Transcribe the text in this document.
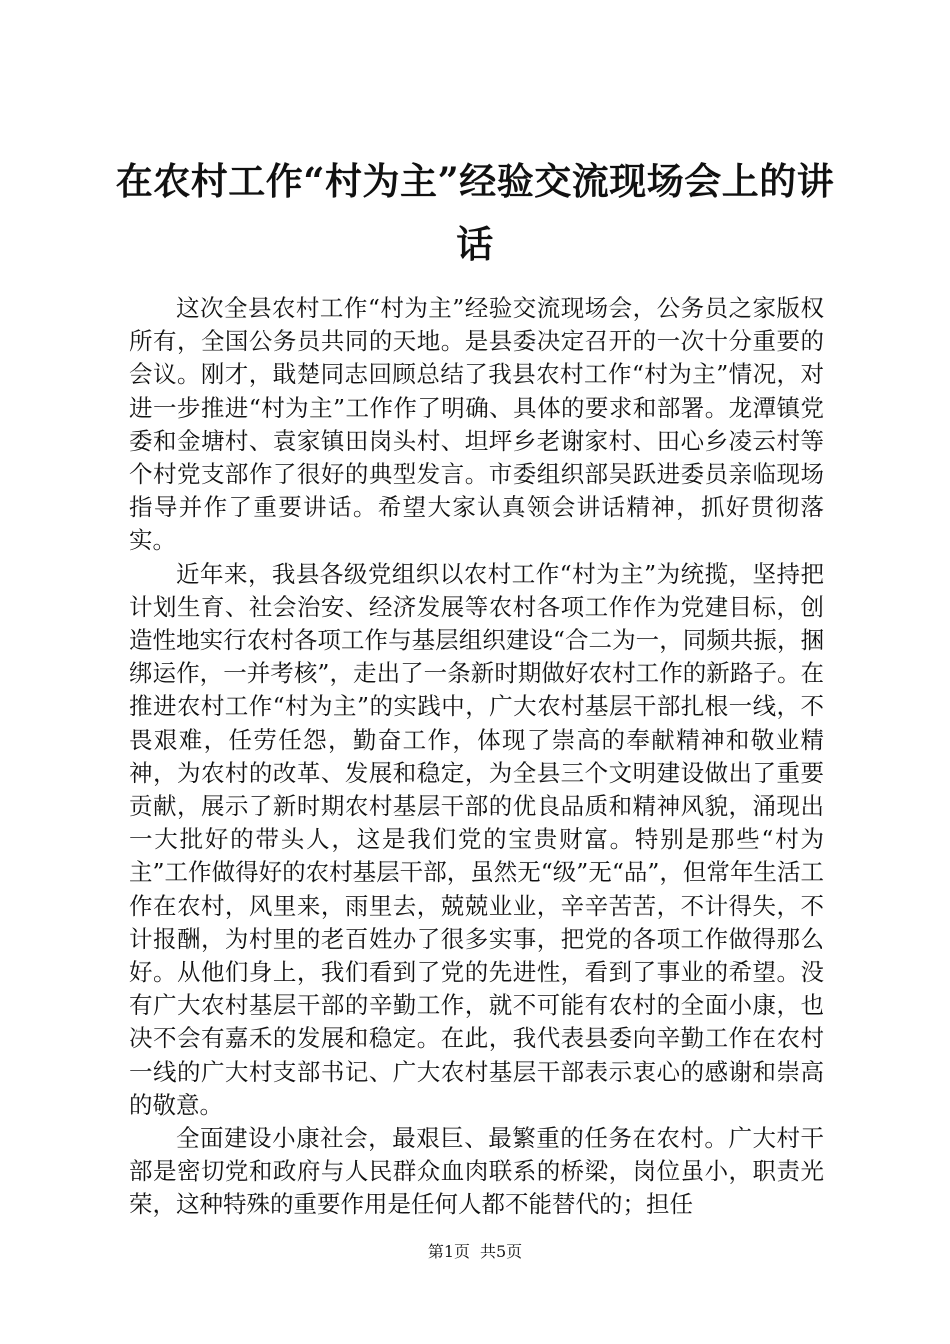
在农村工作“村为主”经验交流现场会上的讲话

这次全县农村工作“村为主”经验交流现场会，公务员之家版权所有，全国公务员共同的天地。是县委决定召开的一次十分重要的会议。刚才，戢楚同志回顾总结了我县农村工作“村为主”情况，对进一步推进“村为主”工作作了明确、具体的要求和部署。龙潭镇党委和金塘村、袁家镇田岗头村、坦坪乡老谢家村、田心乡凌云村等个村党支部作了很好的典型发言。市委组织部吴跃进委员亲临现场指导并作了重要讲话。希望大家认真领会讲话精神，抓好贯彻落实。

近年来，我县各级党组织以农村工作“村为主”为统揽，坚持把计划生育、社会治安、经济发展等农村各项工作作为党建目标，创造性地实行农村各项工作与基层组织建设“合二为一，同频共振，捆绑运作，一并考核”，走出了一条新时期做好农村工作的新路子。在推进农村工作“村为主”的实践中，广大农村基层干部扎根一线，不畏艰难，任劳任怨，勤奋工作，体现了崇高的奉献精神和敬业精神，为农村的改革、发展和稳定，为全县三个文明建设做出了重要贡献，展示了新时期农村基层干部的优良品质和精神风貌，涌现出一大批好的带头人，这是我们党的宝贵财富。特别是那些“村为主”工作做得好的农村基层干部，虽然无“级”无“品”，但常年生活工作在农村，风里来，雨里去，兢兢业业，辛辛苦苦，不计得失，不计报酬，为村里的老百姓办了很多实事，把党的各项工作做得那么好。从他们身上，我们看到了党的先进性，看到了事业的希望。没有广大农村基层干部的辛勤工作，就不可能有农村的全面小康，也决不会有嘉禾的发展和稳定。在此，我代表县委向辛勤工作在农村一线的广大村支部书记、广大农村基层干部表示衷心的感谢和崇高的敬意。

全面建设小康社会，最艰巨、最繁重的任务在农村。广大村干部是密切党和政府与人民群众血肉联系的桥梁，岗位虽小，职责光荣，这种特殊的重要作用是任何人都不能替代的；担任

第1页 共5页
